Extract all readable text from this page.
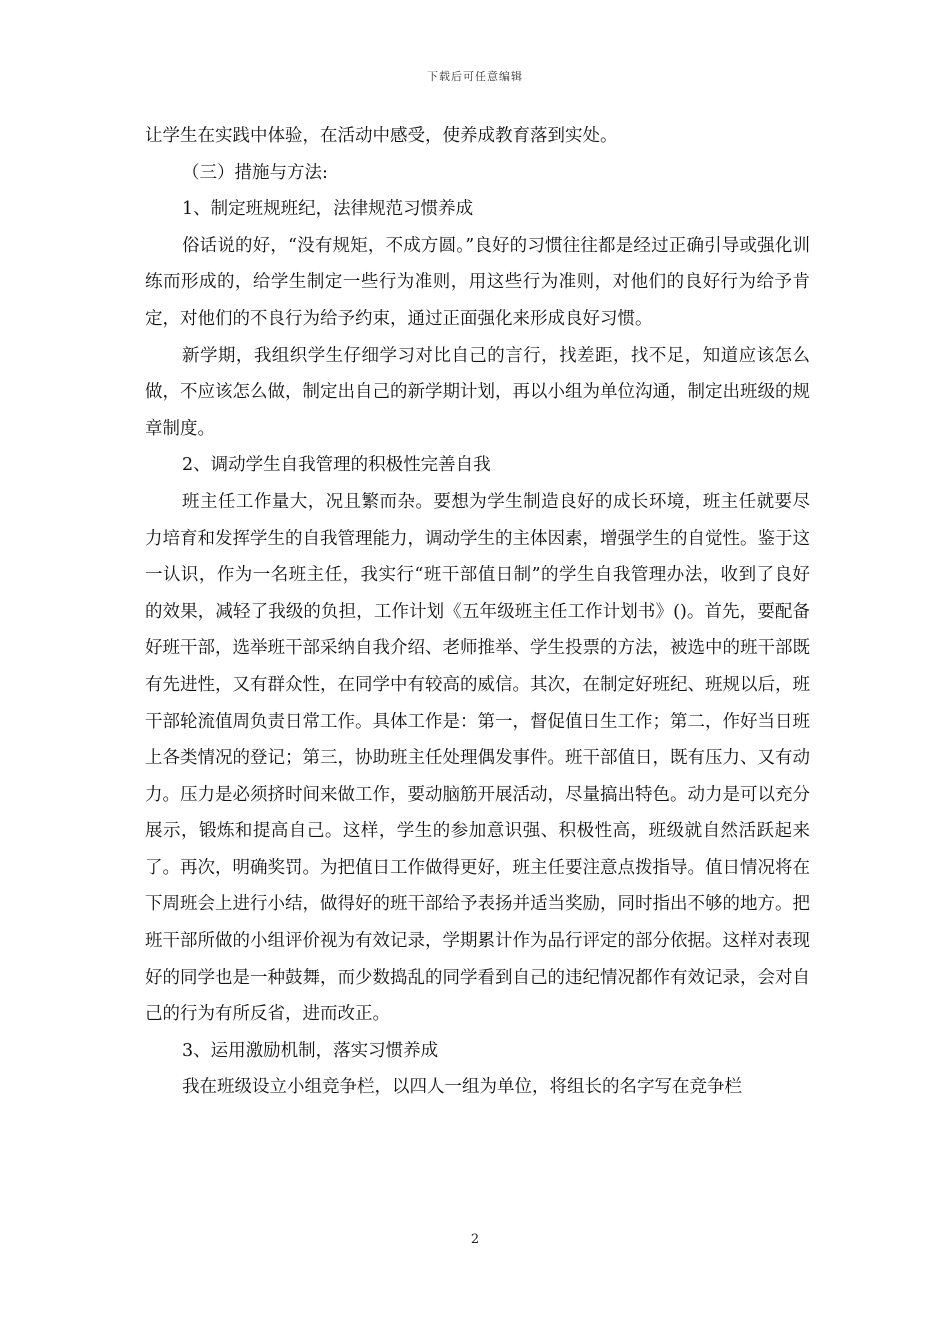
下载后可任意编辑

让学生在实践中体验，在活动中感受，使养成教育落到实处。

（三）措施与方法:

1、制定班规班纪，法律规范习惯养成

俗话说的好，“没有规矩，不成方圆。”良好的习惯往往都是经过正确引导或强化训练而形成的，给学生制定一些行为准则，用这些行为准则，对他们的良好行为给予肯定，对他们的不良行为给予约束，通过正面强化来形成良好习惯。

新学期，我组织学生仔细学习对比自己的言行，找差距，找不足，知道应该怎么做，不应该怎么做，制定出自己的新学期计划，再以小组为单位沟通，制定出班级的规章制度。

2、调动学生自我管理的积极性完善自我

班主任工作量大，况且繁而杂。要想为学生制造良好的成长环境，班主任就要尽力培育和发挥学生的自我管理能力，调动学生的主体因素，增强学生的自觉性。鉴于这一认识，作为一名班主任，我实行“班干部值日制”的学生自我管理办法，收到了良好的效果，减轻了我级的负担，工作计划《五年级班主任工作计划书》()。首先，要配备好班干部，选举班干部采纳自我介绍、老师推举、学生投票的方法，被选中的班干部既有先进性，又有群众性，在同学中有较高的威信。其次，在制定好班纪、班规以后，班干部轮流值周负责日常工作。具体工作是：第一，督促值日生工作；第二，作好当日班上各类情况的登记；第三，协助班主任处理偶发事件。班干部值日，既有压力、又有动力。压力是必须挤时间来做工作，要动脑筋开展活动，尽量搞出特色。动力是可以充分展示，锻炼和提高自己。这样，学生的参加意识强、积极性高，班级就自然活跃起来了。再次，明确奖罚。为把值日工作做得更好，班主任要注意点拨指导。值日情况将在下周班会上进行小结，做得好的班干部给予表扬并适当奖励，同时指出不够的地方。把班干部所做的小组评价视为有效记录，学期累计作为品行评定的部分依据。这样对表现好的同学也是一种鼓舞，而少数捣乱的同学看到自己的违纪情况都作有效记录，会对自己的行为有所反省，进而改正。

3、运用激励机制，落实习惯养成

我在班级设立小组竞争栏，以四人一组为单位，将组长的名字写在竞争栏

2
